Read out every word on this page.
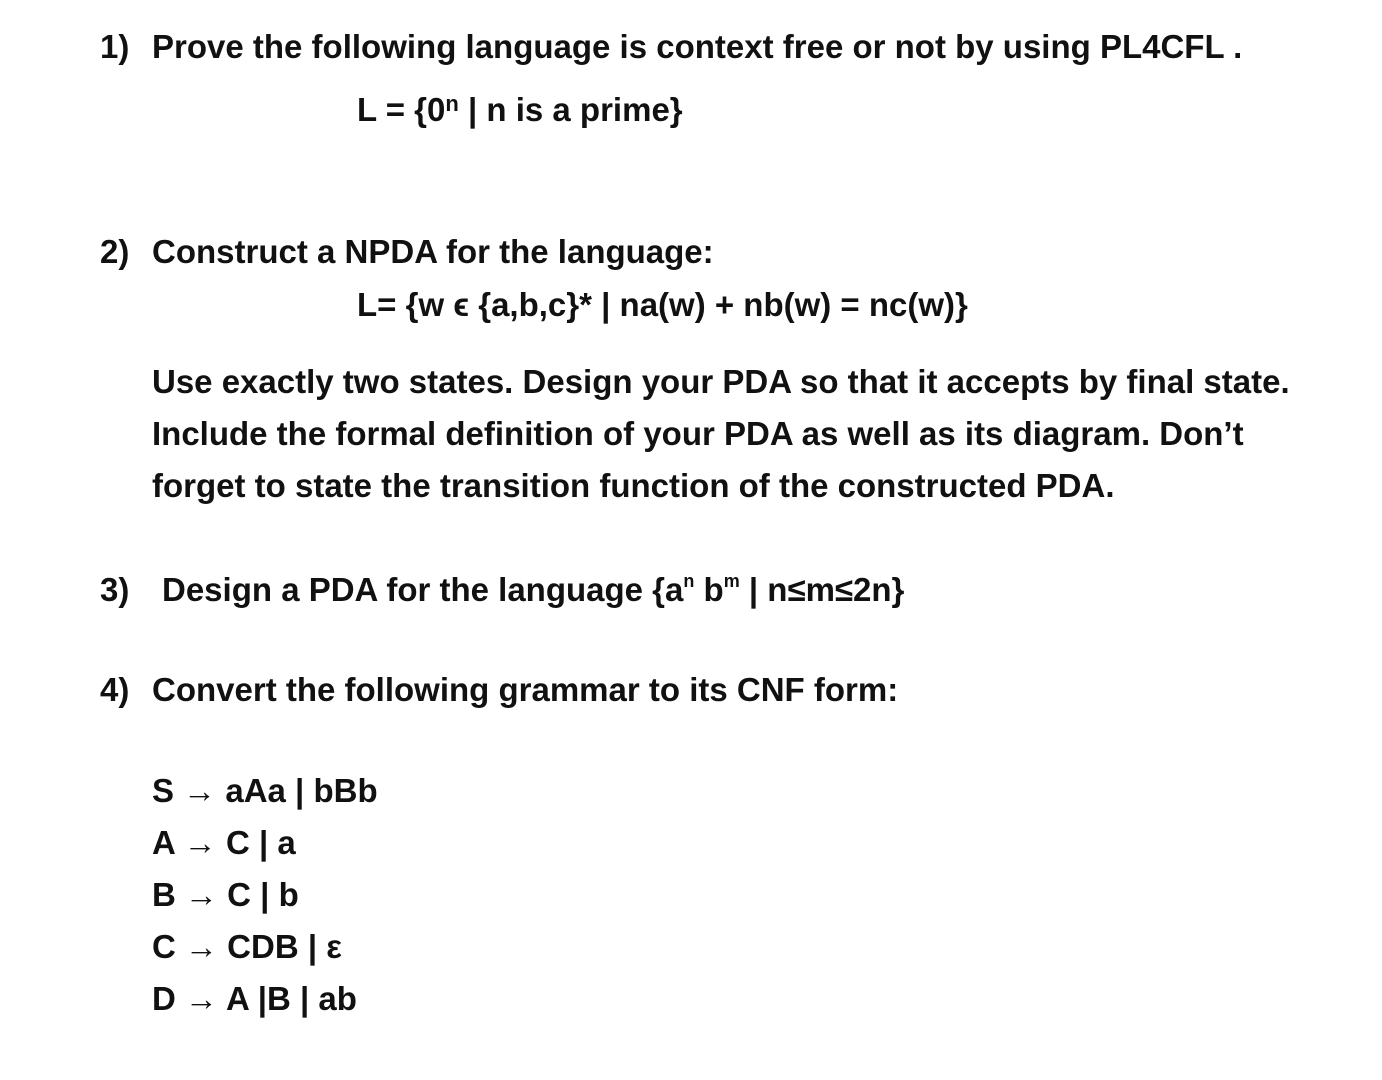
1) Prove the following language is context free or not by using PL4CFL .
$L = \{0^n$ | n is a prime}
2) Construct a NPDA for the language:
L= {w ϵ {a,b,c}* | na(w) + nb(w) = nc(w)}
Use exactly two states. Design your PDA so that it accepts by final state.
Include the formal definition of your PDA as well as its diagram. Don’t
forget to state the transition function of the constructed PDA.
3) Design a PDA for the language {$a^n$ $b^m$ | n≤m≤2n}
4) Convert the following grammar to its CNF form:
S → aAa | bBb
A → C | a
B → C | b
C → CDB | ε
D → A |B | ab
